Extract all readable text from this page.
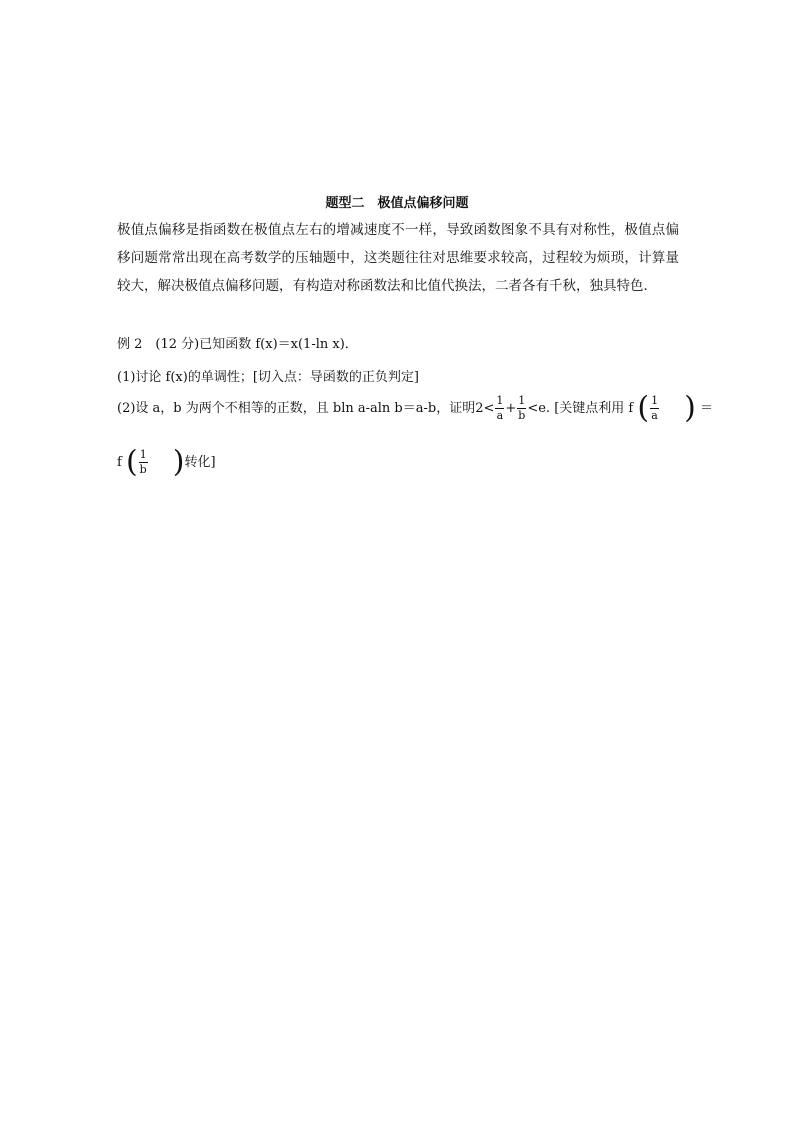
题型二　极值点偏移问题
极值点偏移是指函数在极值点左右的增减速度不一样，导致函数图象不具有对称性，极值点偏移问题常常出现在高考数学的压轴题中，这类题往往对思维要求较高，过程较为烦琐，计算量较大，解决极值点偏移问题，有构造对称函数法和比值代换法，二者各有千秋，独具特色．
例 2　(12 分)已知函数 f(x)＝x(1-ln x)．
(1)讨论 f(x)的单调性；[切入点：导函数的正负判定]
(2)设 a，b 为两个不相等的正数，且 bln a-aln b＝a-b，证明$2< \frac{1}{a} + \frac{1}{b} <e$. [关键点利用 f ( $\frac{1}{a}$ ) ＝
f ( $\frac{1}{b}$ )转化]
